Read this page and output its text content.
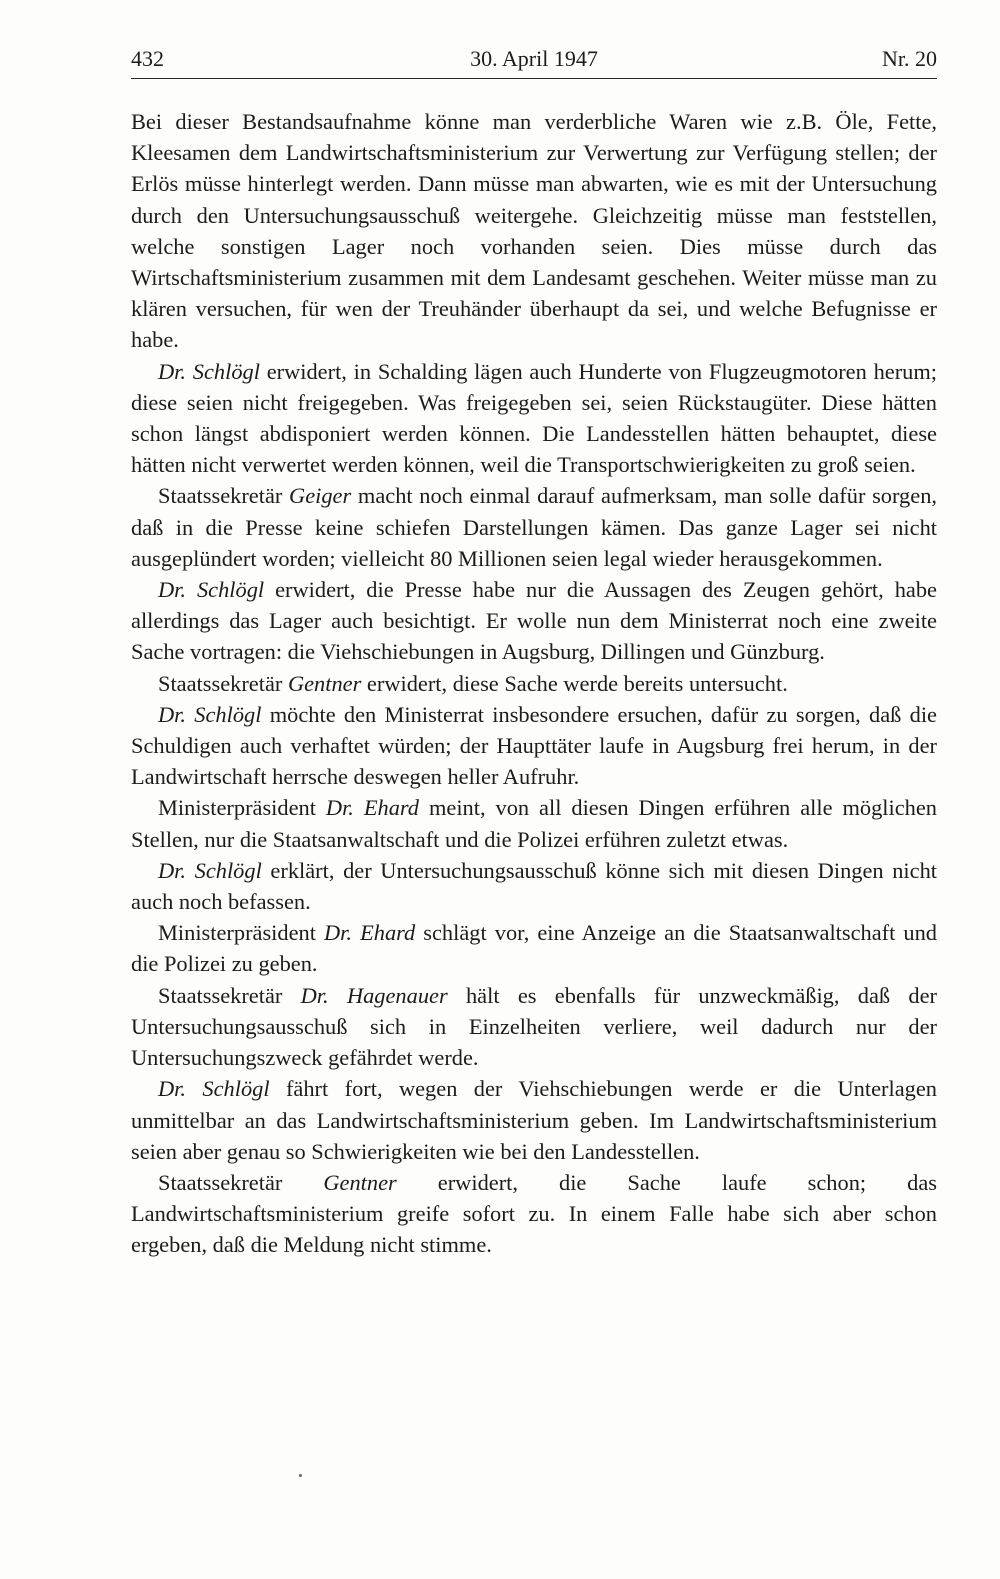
432	30. April 1947	Nr. 20

Bei dieser Bestandsaufnahme könne man verderbliche Waren wie z.B. Öle, Fette, Kleesamen dem Landwirtschaftsministerium zur Verwertung zur Verfügung stellen; der Erlös müsse hinterlegt werden. Dann müsse man abwarten, wie es mit der Untersuchung durch den Untersuchungsausschuß weitergehe. Gleichzeitig müsse man feststellen, welche sonstigen Lager noch vorhanden seien. Dies müsse durch das Wirtschaftsministerium zusammen mit dem Landesamt geschehen. Weiter müsse man zu klären versuchen, für wen der Treuhänder überhaupt da sei, und welche Befugnisse er habe.

Dr. Schlögl erwidert, in Schalding lägen auch Hunderte von Flugzeugmotoren herum; diese seien nicht freigegeben. Was freigegeben sei, seien Rückstaugüter. Diese hätten schon längst abdisponiert werden können. Die Landesstellen hätten behauptet, diese hätten nicht verwertet werden können, weil die Transportschwierigkeiten zu groß seien.

Staatssekretär Geiger macht noch einmal darauf aufmerksam, man solle dafür sorgen, daß in die Presse keine schiefen Darstellungen kämen. Das ganze Lager sei nicht ausgeplündert worden; vielleicht 80 Millionen seien legal wieder herausgekommen.

Dr. Schlögl erwidert, die Presse habe nur die Aussagen des Zeugen gehört, habe allerdings das Lager auch besichtigt. Er wolle nun dem Ministerrat noch eine zweite Sache vortragen: die Viehschiebungen in Augsburg, Dillingen und Günzburg.

Staatssekretär Gentner erwidert, diese Sache werde bereits untersucht.

Dr. Schlögl möchte den Ministerrat insbesondere ersuchen, dafür zu sorgen, daß die Schuldigen auch verhaftet würden; der Haupttäter laufe in Augsburg frei herum, in der Landwirtschaft herrsche deswegen heller Aufruhr.

Ministerpräsident Dr. Ehard meint, von all diesen Dingen erführen alle möglichen Stellen, nur die Staatsanwaltschaft und die Polizei erführen zuletzt etwas.

Dr. Schlögl erklärt, der Untersuchungsausschuß könne sich mit diesen Dingen nicht auch noch befassen.

Ministerpräsident Dr. Ehard schlägt vor, eine Anzeige an die Staatsanwaltschaft und die Polizei zu geben.

Staatssekretär Dr. Hagenauer hält es ebenfalls für unzweckmäßig, daß der Untersuchungsausschuß sich in Einzelheiten verliere, weil dadurch nur der Untersuchungszweck gefährdet werde.

Dr. Schlögl fährt fort, wegen der Viehschiebungen werde er die Unterlagen unmittelbar an das Landwirtschaftsministerium geben. Im Landwirtschaftsministerium seien aber genau so Schwierigkeiten wie bei den Landesstellen.

Staatssekretär Gentner erwidert, die Sache laufe schon; das Landwirtschaftsministerium greife sofort zu. In einem Falle habe sich aber schon ergeben, daß die Meldung nicht stimme.
